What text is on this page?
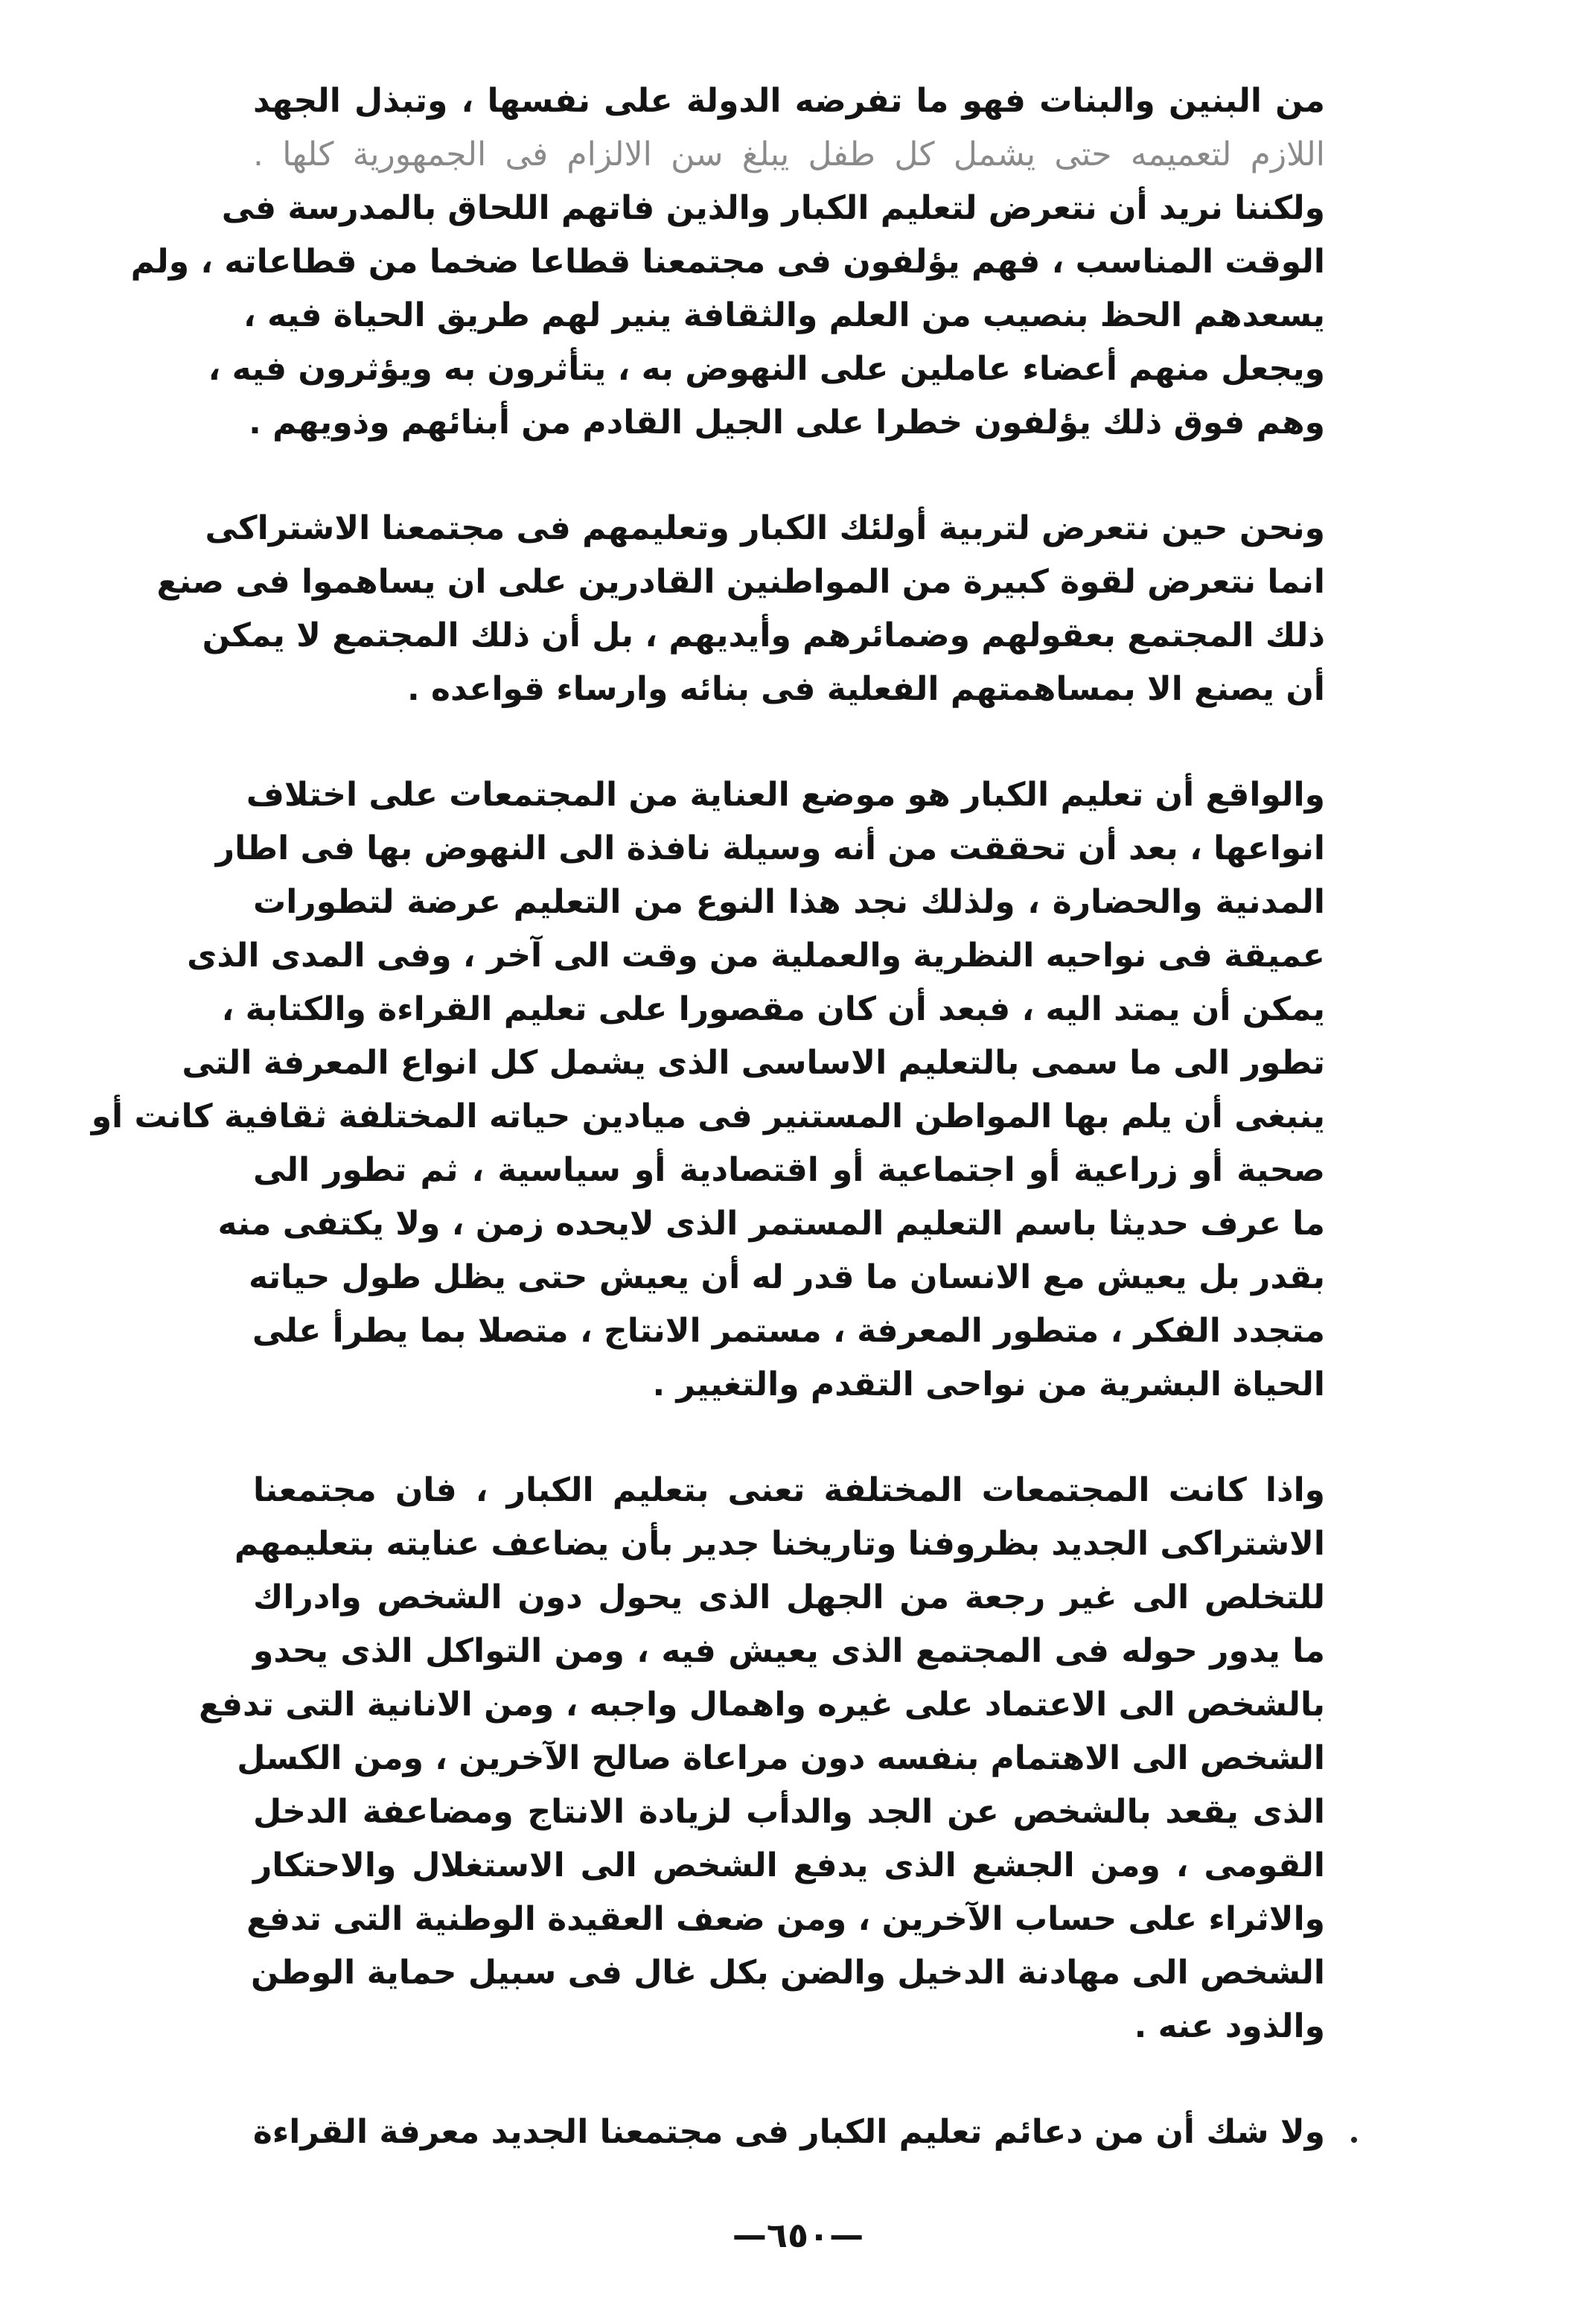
من البنين والبنات فهو ما تفرضه الدولة على نفسها ، وتبذل الجهد
اللازم لتعميمه حتى يشمل كل طفل يبلغ سن الالزام فى الجمهورية كلها .
ولكننا نريد أن نتعرض لتعليم الكبار والذين فاتهم اللحاق بالمدرسة فى
الوقت المناسب ، فهم يؤلفون فى مجتمعنا قطاعا ضخما من قطاعاته ، ولم
يسعدهم الحظ بنصيب من العلم والثقافة ينير لهم طريق الحياة فيه ،
ويجعل منهم أعضاء عاملين على النهوض به ، يتأثرون به ويؤثرون فيه ،
وهم فوق ذلك يؤلفون خطرا على الجيل القادم من أبنائهم وذويهم .
ونحن حين نتعرض لتربية أولئك الكبار وتعليمهم فى مجتمعنا الاشتراكى
انما نتعرض لقوة كبيرة من المواطنين القادرين على ان يساهموا فى صنع
ذلك المجتمع بعقولهم وضمائرهم وأيديهم ، بل أن ذلك المجتمع لا يمكن
أن يصنع الا بمساهمتهم الفعلية فى بنائه وارساء قواعده .
والواقع أن تعليم الكبار هو موضع العناية من المجتمعات على اختلاف
انواعها ، بعد أن تحققت من أنه وسيلة نافذة الى النهوض بها فى اطار
المدنية والحضارة ، ولذلك نجد هذا النوع من التعليم عرضة لتطورات
عميقة فى نواحيه النظرية والعملية من وقت الى آخر ، وفى المدى الذى
يمكن أن يمتد اليه ، فبعد أن كان مقصورا على تعليم القراءة والكتابة ،
تطور الى ما سمى بالتعليم الاساسى الذى يشمل كل انواع المعرفة التى
ينبغى أن يلم بها المواطن المستنير فى ميادين حياته المختلفة ثقافية كانت أو
صحية أو زراعية أو اجتماعية أو اقتصادية أو سياسية ، ثم تطور الى
ما عرف حديثا باسم التعليم المستمر الذى لايحده زمن ، ولا يكتفى منه
بقدر بل يعيش مع الانسان ما قدر له أن يعيش حتى يظل طول حياته
متجدد الفكر ، متطور المعرفة ، مستمر الانتاج ، متصلا بما يطرأ على
الحياة البشرية من نواحى التقدم والتغيير .
واذا كانت المجتمعات المختلفة تعنى بتعليم الكبار ، فان مجتمعنا
الاشتراكى الجديد بظروفنا وتاريخنا جدير بأن يضاعف عنايته بتعليمهم
للتخلص الى غير رجعة من الجهل الذى يحول دون الشخص وادراك
ما يدور حوله فى المجتمع الذى يعيش فيه ، ومن التواكل الذى يحدو
بالشخص الى الاعتماد على غيره واهمال واجبه ، ومن الانانية التى تدفع
الشخص الى الاهتمام بنفسه دون مراعاة صالح الآخرين ، ومن الكسل
الذى يقعد بالشخص عن الجد والدأب لزيادة الانتاج ومضاعفة الدخل
القومى ، ومن الجشع الذى يدفع الشخص الى الاستغلال والاحتكار
والاثراء على حساب الآخرين ، ومن ضعف العقيدة الوطنية التى تدفع
الشخص الى مهادنة الدخيل والضن بكل غال فى سبيل حماية الوطن
والذود عنه .
ولا شك أن من دعائم تعليم الكبار فى مجتمعنا الجديد معرفة القراءة
—٦٥٠—
